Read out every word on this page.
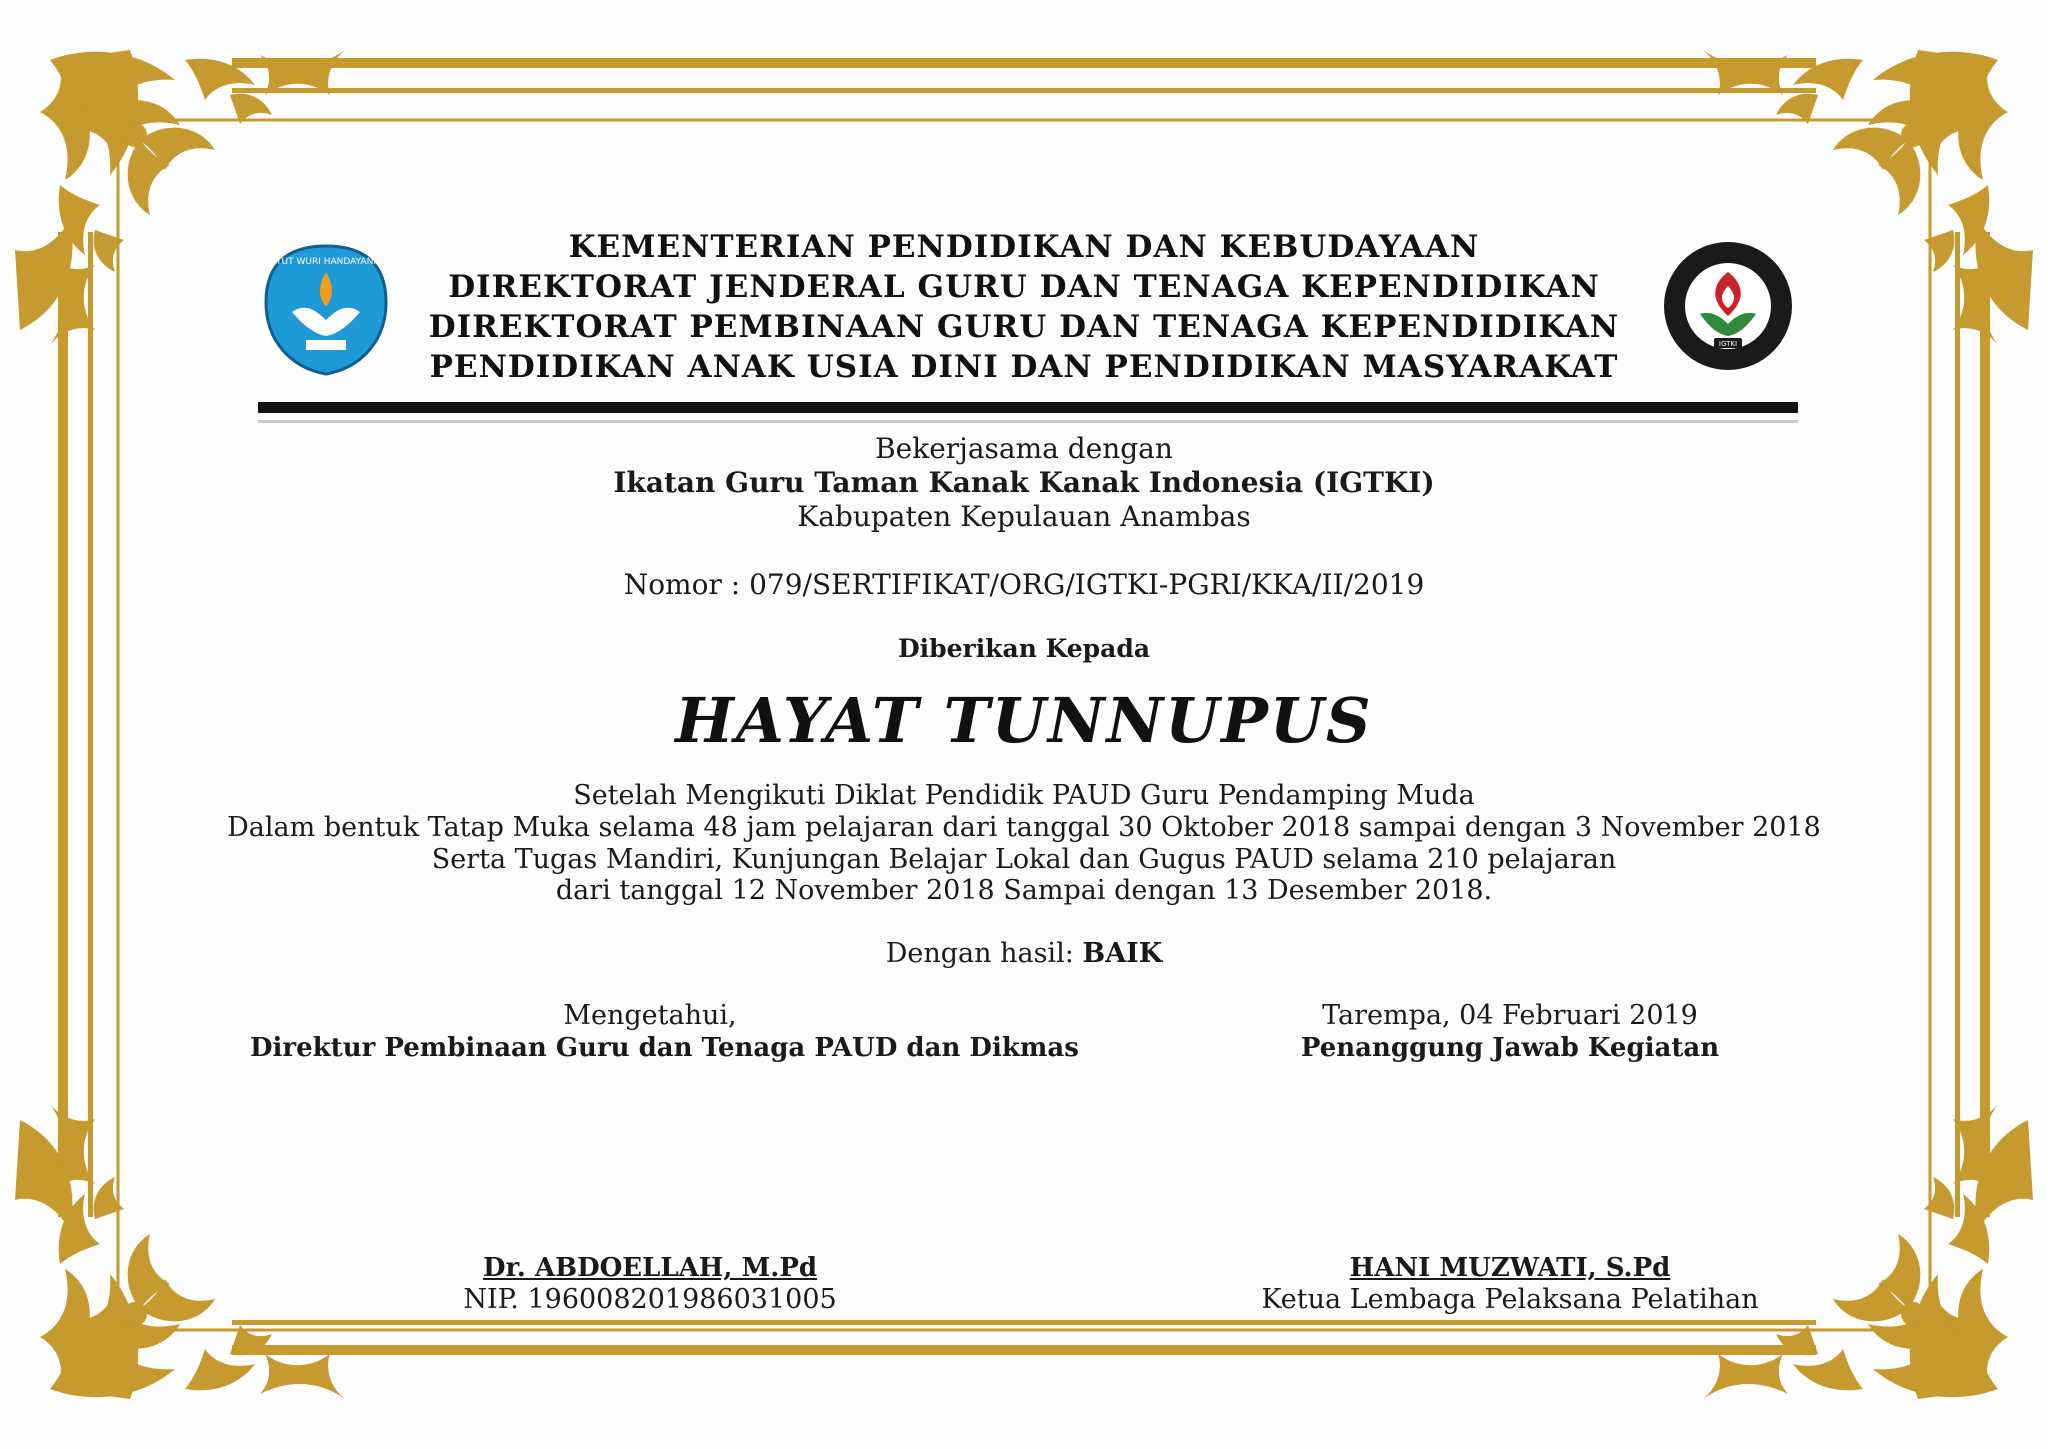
TUT WURI HANDAYANI
IGTKI
KEMENTERIAN PENDIDIKAN DAN KEBUDAYAAN
DIREKTORAT JENDERAL GURU DAN TENAGA KEPENDIDIKAN
DIREKTORAT PEMBINAAN GURU DAN TENAGA KEPENDIDIKAN
PENDIDIKAN ANAK USIA DINI DAN PENDIDIKAN MASYARAKAT
Bekerjasama dengan
Ikatan Guru Taman Kanak Kanak Indonesia (IGTKI)
Kabupaten Kepulauan Anambas
Nomor : 079/SERTIFIKAT/ORG/IGTKI-PGRI/KKA/II/2019
Diberikan Kepada
HAYAT TUNNUPUS
Setelah Mengikuti Diklat Pendidik PAUD Guru Pendamping Muda
Dalam bentuk Tatap Muka selama 48 jam pelajaran dari tanggal 30 Oktober 2018 sampai dengan 3 November 2018
Serta Tugas Mandiri, Kunjungan Belajar Lokal dan Gugus PAUD selama 210 pelajaran
dari tanggal 12 November 2018 Sampai dengan 13 Desember 2018.
Dengan hasil: BAIK
Mengetahui,
Direktur Pembinaan Guru dan Tenaga PAUD dan Dikmas
Dr. ABDOELLAH, M.Pd
NIP. 196008201986031005
Tarempa, 04 Februari 2019
Penanggung Jawab Kegiatan
HANI MUZWATI, S.Pd
Ketua Lembaga Pelaksana Pelatihan
